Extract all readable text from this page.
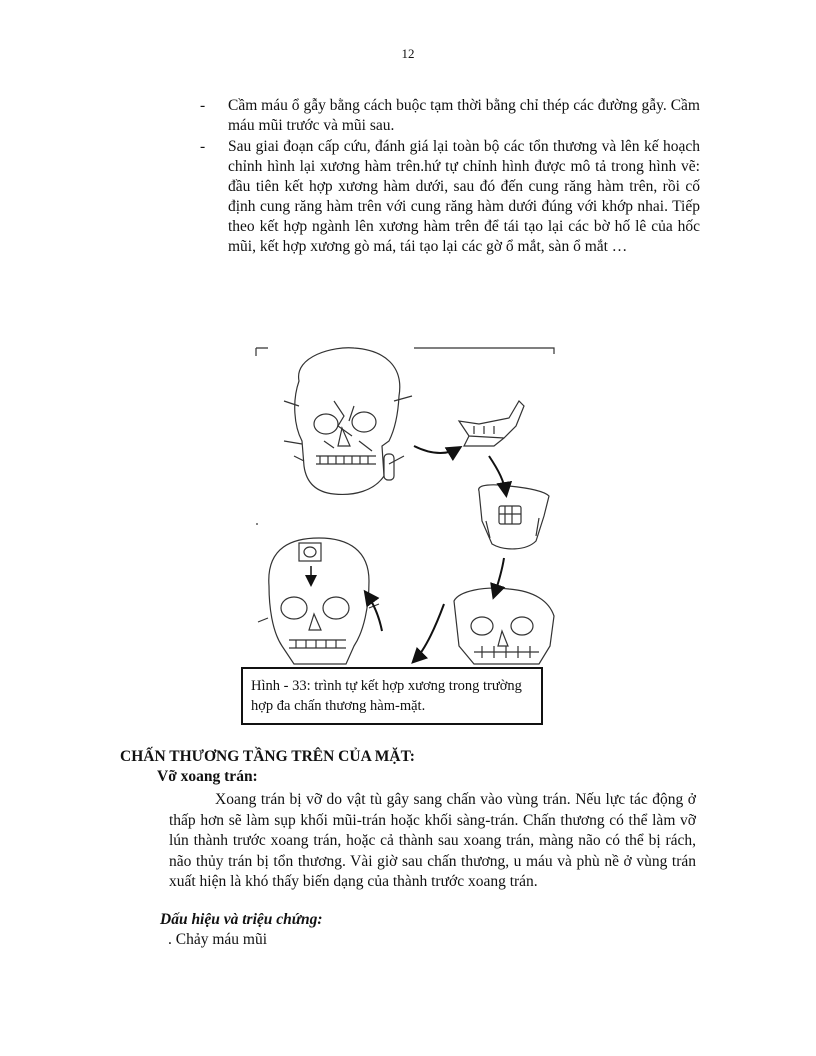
12
-	Cầm máu ổ gẫy bằng cách buộc tạm thời bằng chỉ thép các đường gẫy. Cầm máu mũi trước và mũi sau.
-	Sau giai đoạn cấp cứu, đánh giá lại toàn bộ các tổn thương và lên kế hoạch chỉnh hình lại xương hàm trên.hứ tự chỉnh hình được mô tả trong hình vẽ: đầu tiên kết hợp xương hàm dưới, sau đó đến cung răng hàm trên, rồi cố định cung răng hàm trên với cung răng hàm dưới đúng với khớp nhai. Tiếp theo kết hợp ngành lên xương hàm trên để tái tạo lại các bờ hố lê của hốc mũi, kết hợp xương gò má, tái tạo lại các gờ ổ mắt, sàn ổ mắt …
Hình - 33: trình tự kết hợp xương trong trường hợp đa chấn thương hàm-mặt.
CHẤN THƯƠNG TẦNG TRÊN CỦA MẶT:
Vỡ xoang trán:
Xoang trán bị vỡ do vật tù gây sang chấn vào vùng trán. Nếu lực tác động ở thấp hơn sẽ làm sụp khối mũi-trán hoặc khối sàng-trán. Chấn thương có thể làm vỡ lún thành trước xoang trán, hoặc cả thành sau xoang trán, màng não có thể bị rách, não thủy trán bị tổn thương. Vài giờ sau chấn thương, u máu và phù nề ở vùng trán xuất hiện là khó thấy biến dạng của thành trước xoang trán.
Dấu hiệu và triệu chứng:
. Chảy máu mũi
